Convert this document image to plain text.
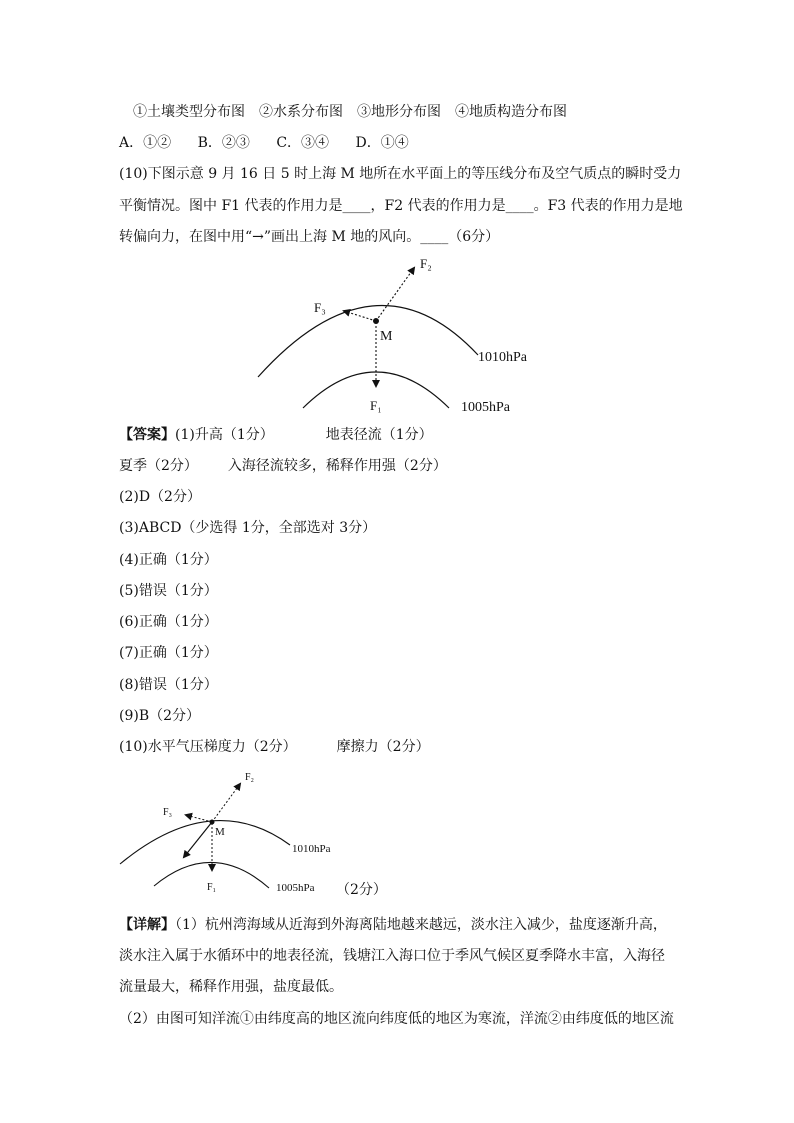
①土壤类型分布图　②水系分布图　③地形分布图　④地质构造分布图
A．①② B．②③ C．③④ D．①④
(10)下图示意 9 月 16 日 5 时上海 M 地所在水平面上的等压线分布及空气质点的瞬时受力
平衡情况。图中 F1 代表的作用力是____，F2 代表的作用力是____。F3 代表的作用力是地
转偏向力，在图中用“→”画出上海 M 地的风向。____（6分）
F₂
F₃
M
1010hPa
F₁	1005hPa
F₂
F₃
M
1010hPa
F₁	1005hPa
【答案】(1)升高（1分）	地表径流（1分）
夏季（2分） 入海径流较多，稀释作用强（2分）
(2)D（2分）
(3)ABCD（少选得 1分，全部选对 3分）
(4)正确（1分）
(5)错误（1分）
(6)正确（1分）
(7)正确（1分）
(8)错误（1分）
(9)B（2分）
(10)水平气压梯度力（2分）	摩擦力（2分）
（2分）
【详解】（1）杭州湾海域从近海到外海离陆地越来越远，淡水注入减少，盐度逐渐升高，
淡水注入属于水循环中的地表径流，钱塘江入海口位于季风气候区夏季降水丰富，入海径
流量最大，稀释作用强，盐度最低。
（2）由图可知洋流①由纬度高的地区流向纬度低的地区为寒流，洋流②由纬度低的地区流
